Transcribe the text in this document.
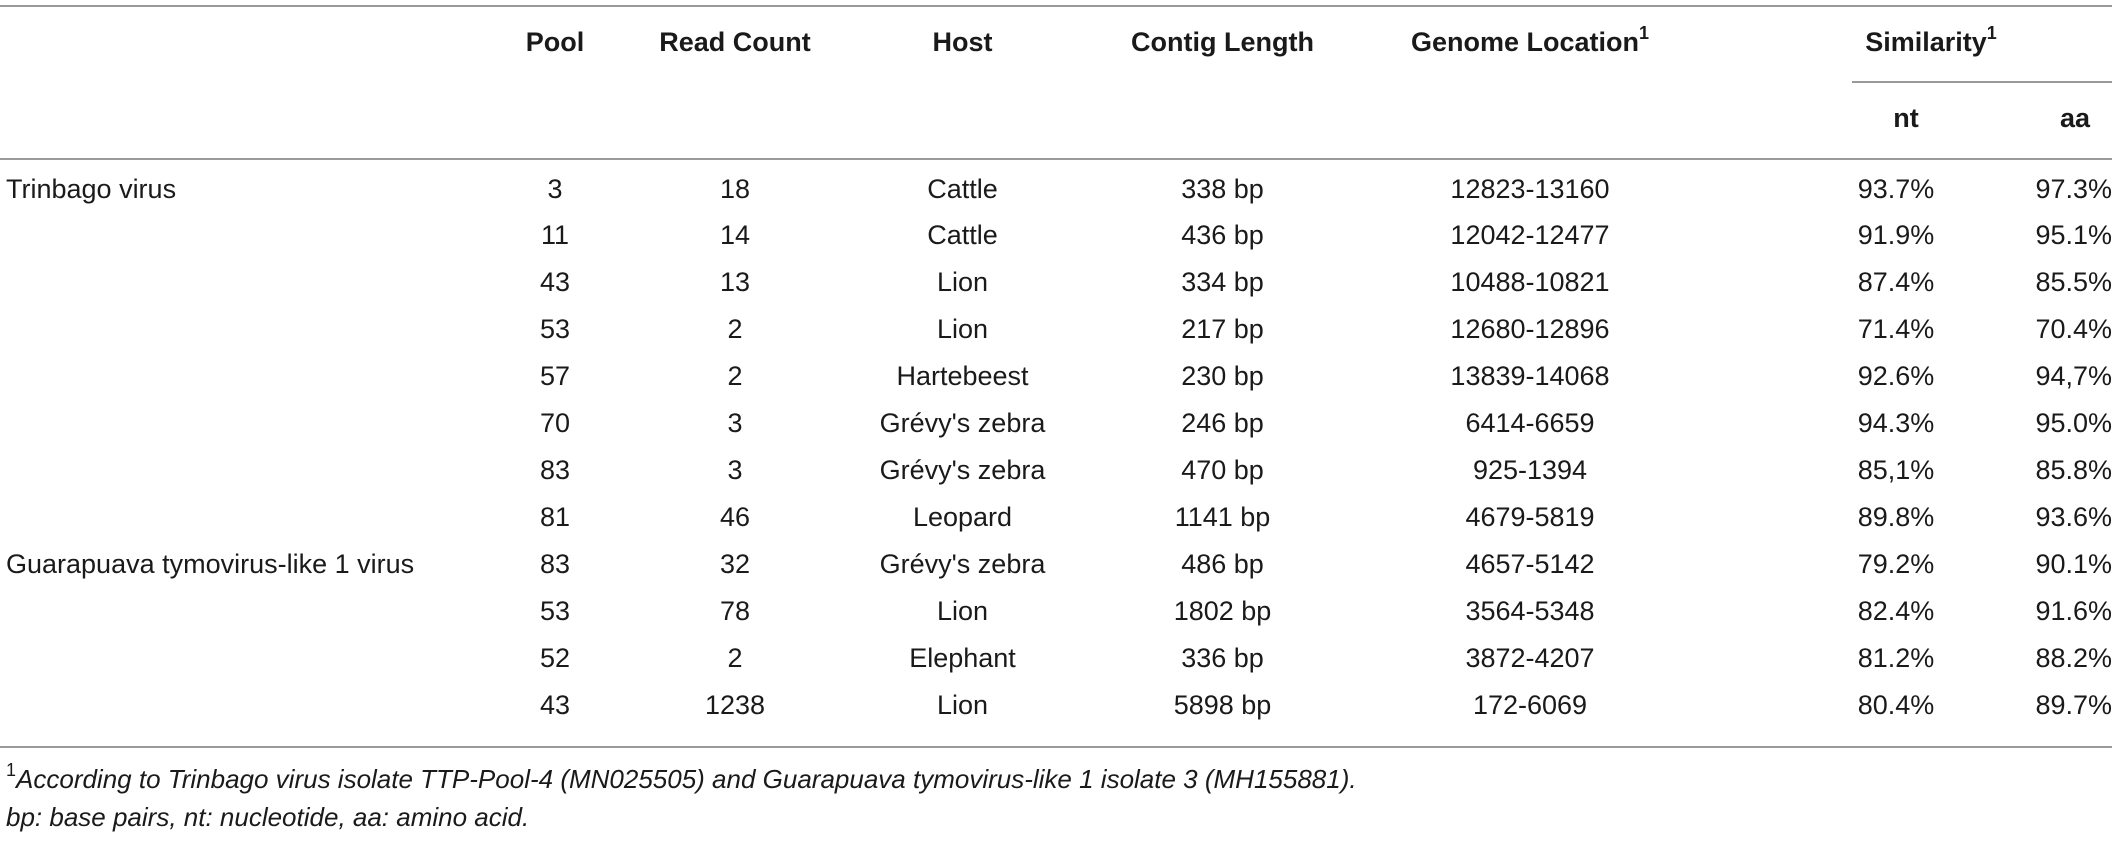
	Pool	Read Count	Host	Contig Length	Genome Location$^1$	Similarity$^1$
						nt	aa
Trinbago virus	3	18	Cattle	338 bp	12823-13160	93.7%	97.3%
	11	14	Cattle	436 bp	12042-12477	91.9%	95.1%
	43	13	Lion	334 bp	10488-10821	87.4%	85.5%
	53	2	Lion	217 bp	12680-12896	71.4%	70.4%
	57	2	Hartebeest	230 bp	13839-14068	92.6%	94,7%
	70	3	Grévy's zebra	246 bp	6414-6659	94.3%	95.0%
	83	3	Grévy's zebra	470 bp	925-1394	85,1%	85.8%
	81	46	Leopard	1141 bp	4679-5819	89.8%	93.6%
Guarapuava tymovirus-like 1 virus	83	32	Grévy's zebra	486 bp	4657-5142	79.2%	90.1%
	53	78	Lion	1802 bp	3564-5348	82.4%	91.6%
	52	2	Elephant	336 bp	3872-4207	81.2%	88.2%
	43	1238	Lion	5898 bp	172-6069	80.4%	89.7%
$^1$According to Trinbago virus isolate TTP-Pool-4 (MN025505) and Guarapuava tymovirus-like 1 isolate 3 (MH155881).
bp: base pairs, nt: nucleotide, aa: amino acid.
